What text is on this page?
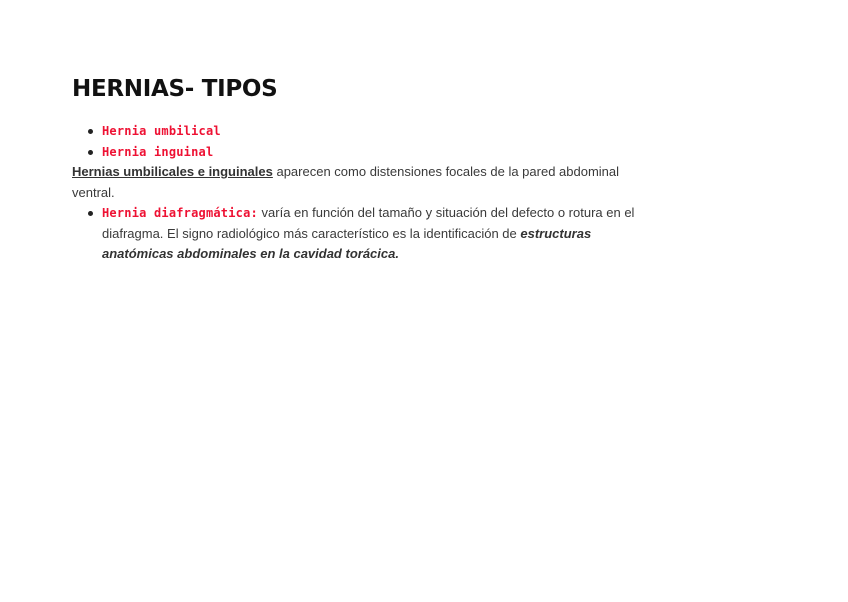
HERNIAS- TIPOS
Hernia umbilical
Hernia inguinal

Hernias umbilicales e inguinales aparecen como distensiones focales de la pared abdominal ventral.

Hernia diafragmática: varía en función del tamaño y situación del defecto o rotura en el diafragma. El signo radiológico más característico es la identificación de estructuras anatómicas abdominales en la cavidad torácica.
